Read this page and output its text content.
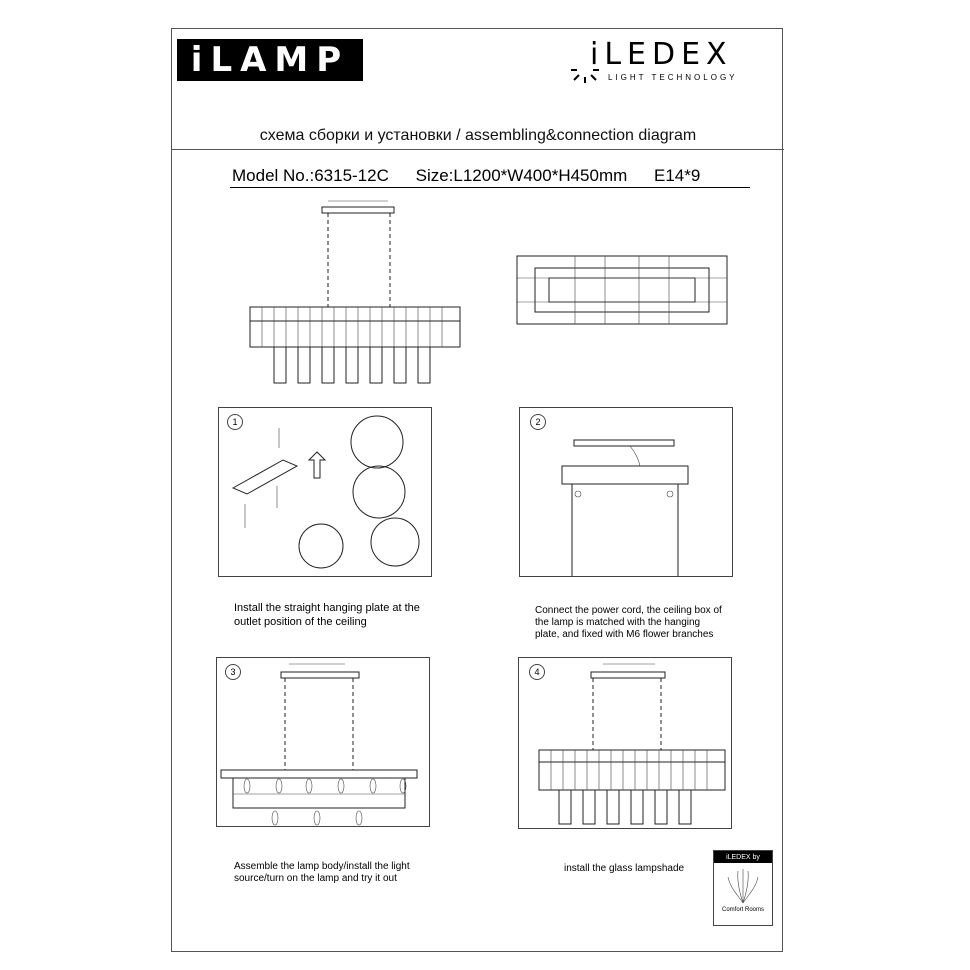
iLAMP	iLEDEX
LIGHT TECHNOLOGY
схема сборки и установки / assembling&connection diagram
Model No.:6315-12C Size:L1200*W400*H450mm E14*9
1	2
Install the straight hanging plate at the outlet position of the ceiling
Connect the power cord, the ceiling box of the lamp is matched with the hanging plate, and fixed with M6 flower branches
3	4
Assemble the lamp body/install the light source/turn on the lamp and try it out
install the glass lampshade
iLEDEX by
Comfort Rooms
